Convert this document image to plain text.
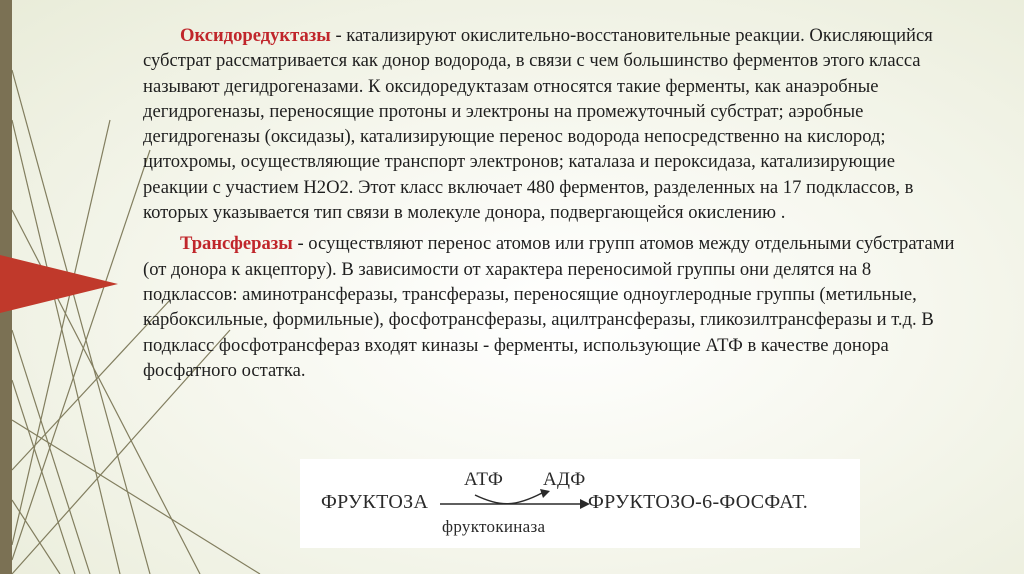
Оксидоредуктазы - катализируют окислительно-восстановительные реакции. Окисляющийся субстрат рассматривается как донор водорода, в связи с чем большинство ферментов этого класса называют дегидрогеназами. К оксидоредуктазам относятся такие ферменты, как анаэробные дегидрогеназы, переносящие протоны и электроны на промежуточный субстрат; аэробные дегидрогеназы (оксидазы), катализирующие перенос водорода непосредственно на кислород; цитохромы, осуществляющие транспорт электронов; каталаза и пероксидаза, катализирующие реакции с участием Н2О2. Этот класс включает 480 ферментов, разделенных на 17 подклассов, в которых указывается тип связи в молекуле донора, подвергающейся окислению .

Трансферазы - осуществляют перенос атомов или групп атомов между отдельными субстратами (от донора к акцептору). В зависимости от характера переносимой группы они делятся на 8 подклассов: аминотрансферазы, трансферазы, переносящие одноуглеродные группы (метильные, карбоксильные, формильные), фосфотрансферазы, ацилтрансферазы, гликозилтрансферазы и т.д. В подкласс фосфотрансфераз входят киназы - ферменты, использующие АТФ в качестве донора фосфатного остатка.

АТФ АДФ
ФРУКТОЗА	ФРУКТОЗО-6-ФОСФАТ.
фруктокиназа
